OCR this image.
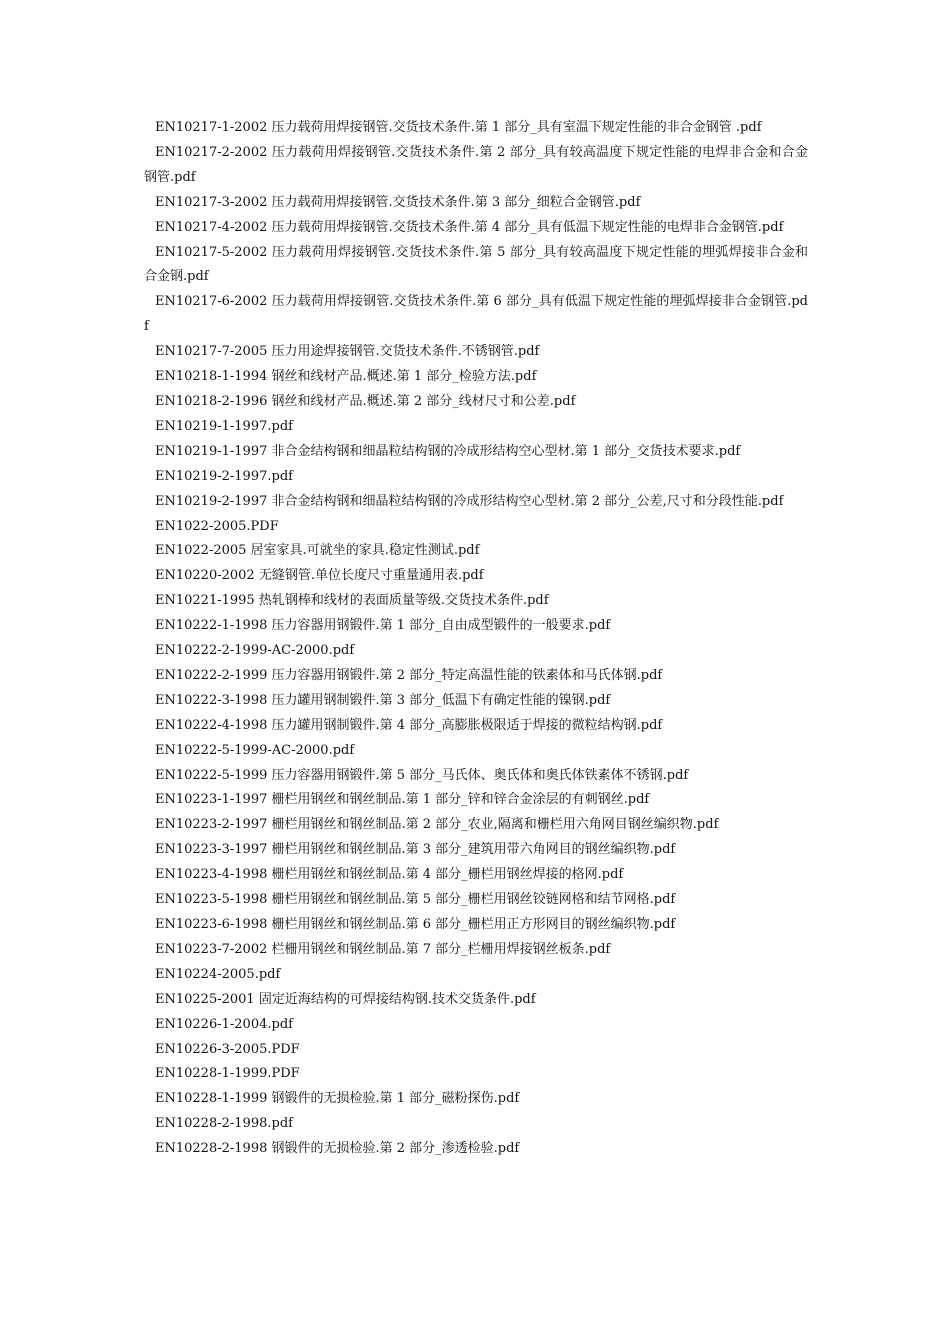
EN10217-1-2002 压力载荷用焊接钢管.交货技术条件.第 1 部分_具有室温下规定性能的非合金钢管 .pdf

EN10217-2-2002 压力载荷用焊接钢管.交货技术条件.第 2 部分_具有较高温度下规定性能的电焊非合金和合金钢管.pdf

EN10217-3-2002 压力载荷用焊接钢管.交货技术条件.第 3 部分_细粒合金钢管.pdf

EN10217-4-2002 压力载荷用焊接钢管.交货技术条件.第 4 部分_具有低温下规定性能的电焊非合金钢管.pdf

EN10217-5-2002 压力载荷用焊接钢管.交货技术条件.第 5 部分_具有较高温度下规定性能的埋弧焊接非合金和合金钢.pdf

EN10217-6-2002 压力载荷用焊接钢管.交货技术条件.第 6 部分_具有低温下规定性能的埋弧焊接非合金钢管.pdf

EN10217-7-2005 压力用途焊接钢管.交货技术条件.不锈钢管.pdf

EN10218-1-1994 钢丝和线材产品.概述.第 1 部分_检验方法.pdf

EN10218-2-1996 钢丝和线材产品.概述.第 2 部分_线材尺寸和公差.pdf

EN10219-1-1997.pdf

EN10219-1-1997 非合金结构钢和细晶粒结构钢的冷成形结构空心型材.第 1 部分_交货技术要求.pdf

EN10219-2-1997.pdf

EN10219-2-1997 非合金结构钢和细晶粒结构钢的冷成形结构空心型材.第 2 部分_公差,尺寸和分段性能.pdf

EN1022-2005.PDF

EN1022-2005 居室家具.可就坐的家具.稳定性测试.pdf

EN10220-2002 无缝钢管.单位长度尺寸重量通用表.pdf

EN10221-1995 热轧钢棒和线材的表面质量等级.交货技术条件.pdf

EN10222-1-1998 压力容器用钢锻件.第 1 部分_自由成型锻件的一般要求.pdf

EN10222-2-1999-AC-2000.pdf

EN10222-2-1999 压力容器用钢锻件.第 2 部分_特定高温性能的铁素体和马氏体钢.pdf

EN10222-3-1998 压力罐用钢制锻件.第 3 部分_低温下有确定性能的镍钢.pdf

EN10222-4-1998 压力罐用钢制锻件.第 4 部分_高膨胀极限适于焊接的微粒结构钢.pdf

EN10222-5-1999-AC-2000.pdf

EN10222-5-1999 压力容器用钢锻件.第 5 部分_马氏体、奥氏体和奥氏体铁素体不锈钢.pdf

EN10223-1-1997 栅栏用钢丝和钢丝制品.第 1 部分_锌和锌合金涂层的有刺钢丝.pdf

EN10223-2-1997 栅栏用钢丝和钢丝制品.第 2 部分_农业,隔离和栅栏用六角网目钢丝编织物.pdf

EN10223-3-1997 栅栏用钢丝和钢丝制品.第 3 部分_建筑用带六角网目的钢丝编织物.pdf

EN10223-4-1998 栅栏用钢丝和钢丝制品.第 4 部分_栅栏用钢丝焊接的格网.pdf

EN10223-5-1998 栅栏用钢丝和钢丝制品.第 5 部分_栅栏用钢丝铰链网格和结节网格.pdf

EN10223-6-1998 栅栏用钢丝和钢丝制品.第 6 部分_栅栏用正方形网目的钢丝编织物.pdf

EN10223-7-2002 栏栅用钢丝和钢丝制品.第 7 部分_栏栅用焊接钢丝板条.pdf

EN10224-2005.pdf

EN10225-2001 固定近海结构的可焊接结构钢.技术交货条件.pdf

EN10226-1-2004.pdf

EN10226-3-2005.PDF

EN10228-1-1999.PDF

EN10228-1-1999 钢锻件的无损检验.第 1 部分_磁粉探伤.pdf

EN10228-2-1998.pdf

EN10228-2-1998 钢锻件的无损检验.第 2 部分_渗透检验.pdf
